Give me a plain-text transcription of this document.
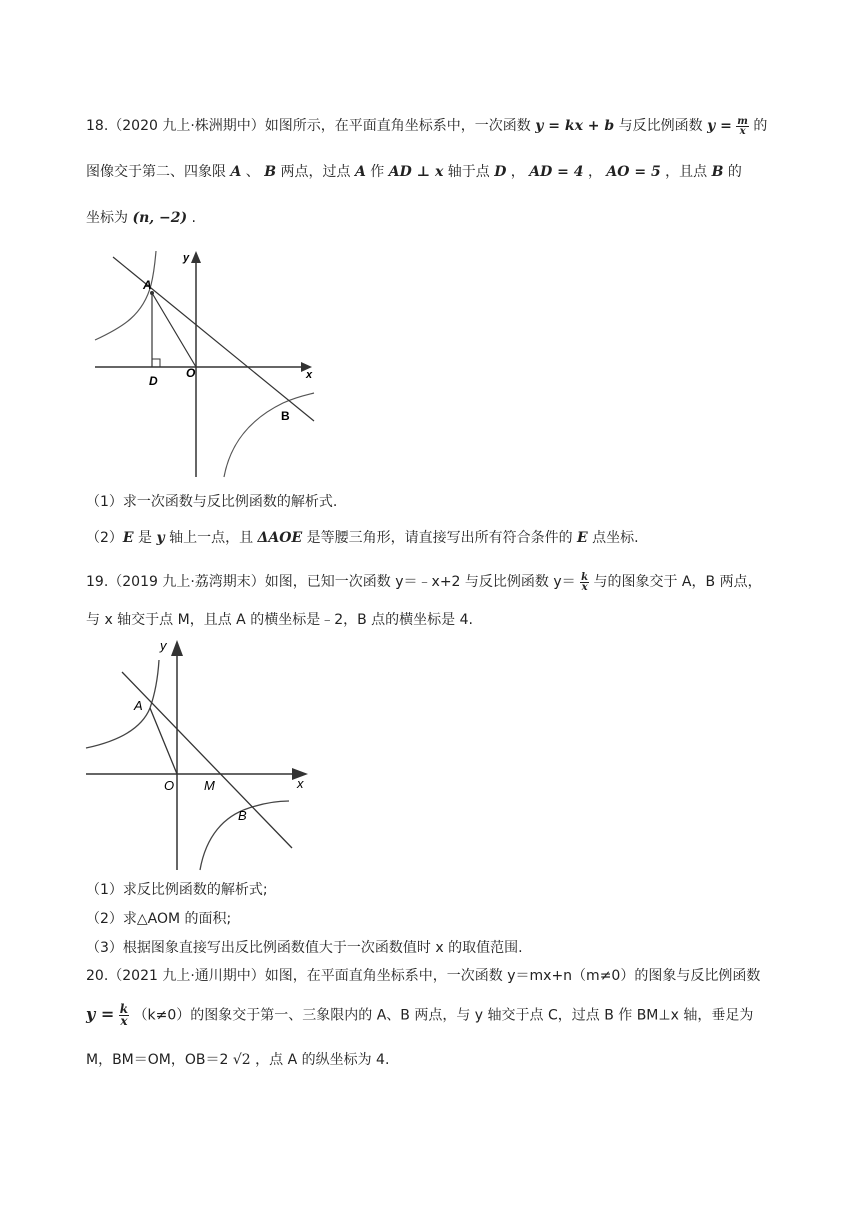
18.（2020 九上·株洲期中）如图所示，在平面直角坐标系中，一次函数 y = kx + b 与反比例函数 $y = \frac{m}{x}$ 的
图像交于第二、四象限 A 、 B 两点，过点 A 作 AD ⊥ x 轴于点 D ， AD = 4 ， AO = 5 ，且点 B 的
坐标为 (n, −2) .
A
D
O
B
x
y
（1）求一次函数与反比例函数的解析式.
（2）E 是 y 轴上一点，且 ΔAOE 是等腰三角形，请直接写出所有符合条件的 E 点坐标.
19.（2019 九上·荔湾期末）如图，已知一次函数 y＝﹣x+2 与反比例函数 $y= \frac{k}{x}$ 与的图象交于 A，B 两点，
与 x 轴交于点 M，且点 A 的横坐标是﹣2，B 点的横坐标是 4.
A
O M
B
x
y
（1）求反比例函数的解析式;
（2）求△AOM 的面积;
（3）根据图象直接写出反比例函数值大于一次函数值时 x 的取值范围.
20.（2021 九上·通川期中）如图，在平面直角坐标系中，一次函数 y＝mx+n（m≠0）的图象与反比例函数
$y = \frac{k}{x} (k\ne 0)$的图象交于第一、三象限内的 A、B 两点，与 y 轴交于点 C，过点 B 作 BM⊥x 轴，垂足为
M，BM＝OM，OB＝2 √2 ，点 A 的纵坐标为 4.
